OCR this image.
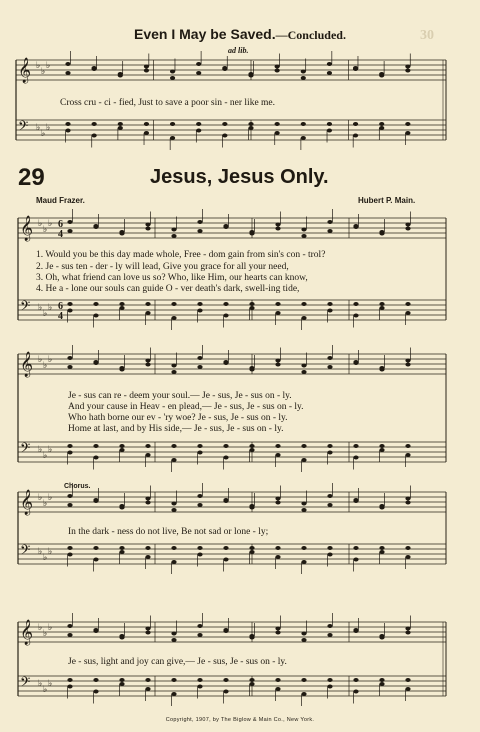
𝄞 ♭
♭
♭
𝄢 ♭
♭
♭
𝄞 ♭
♭
♭
𝄢 ♭
♭
♭
𝄞 ♭
♭
♭
𝄢 ♭
♭
♭
𝄞 ♭
♭
♭
𝄢 ♭
♭
♭
𝄞 ♭
♭
♭
𝄢 ♭
♭
♭
6
4
6
4
30
Even I May be Saved.—Concluded.
ad lib.
Cross cru - ci - fied, Just to save a poor sin - ner like me.
29	Jesus, Jesus Only.
Maud Frazer.	Hubert P. Main.
1. Would you be this day made whole, Free - dom gain from sin's con - trol?
2. Je - sus ten - der - ly will lead, Give you grace for all your need,
3. Oh, what friend can love us so? Who, like Him, our hearts can know,
4. He a - lone our souls can guide O - ver death's dark, swell-ing tide,
Je - sus can re - deem your soul.— Je - sus, Je - sus on - ly.
And your cause in Heav - en plead,— Je - sus, Je - sus on - ly.
Who hath borne our ev - 'ry woe? Je - sus, Je - sus on - ly.
Home at last, and by His side,— Je - sus, Je - sus on - ly.
Chorus.
In the dark - ness do not live, Be not sad or lone - ly;
Je - sus, light and joy can give,— Je - sus, Je - sus on - ly.
Copyright, 1907, by The Biglow & Main Co., New York.
